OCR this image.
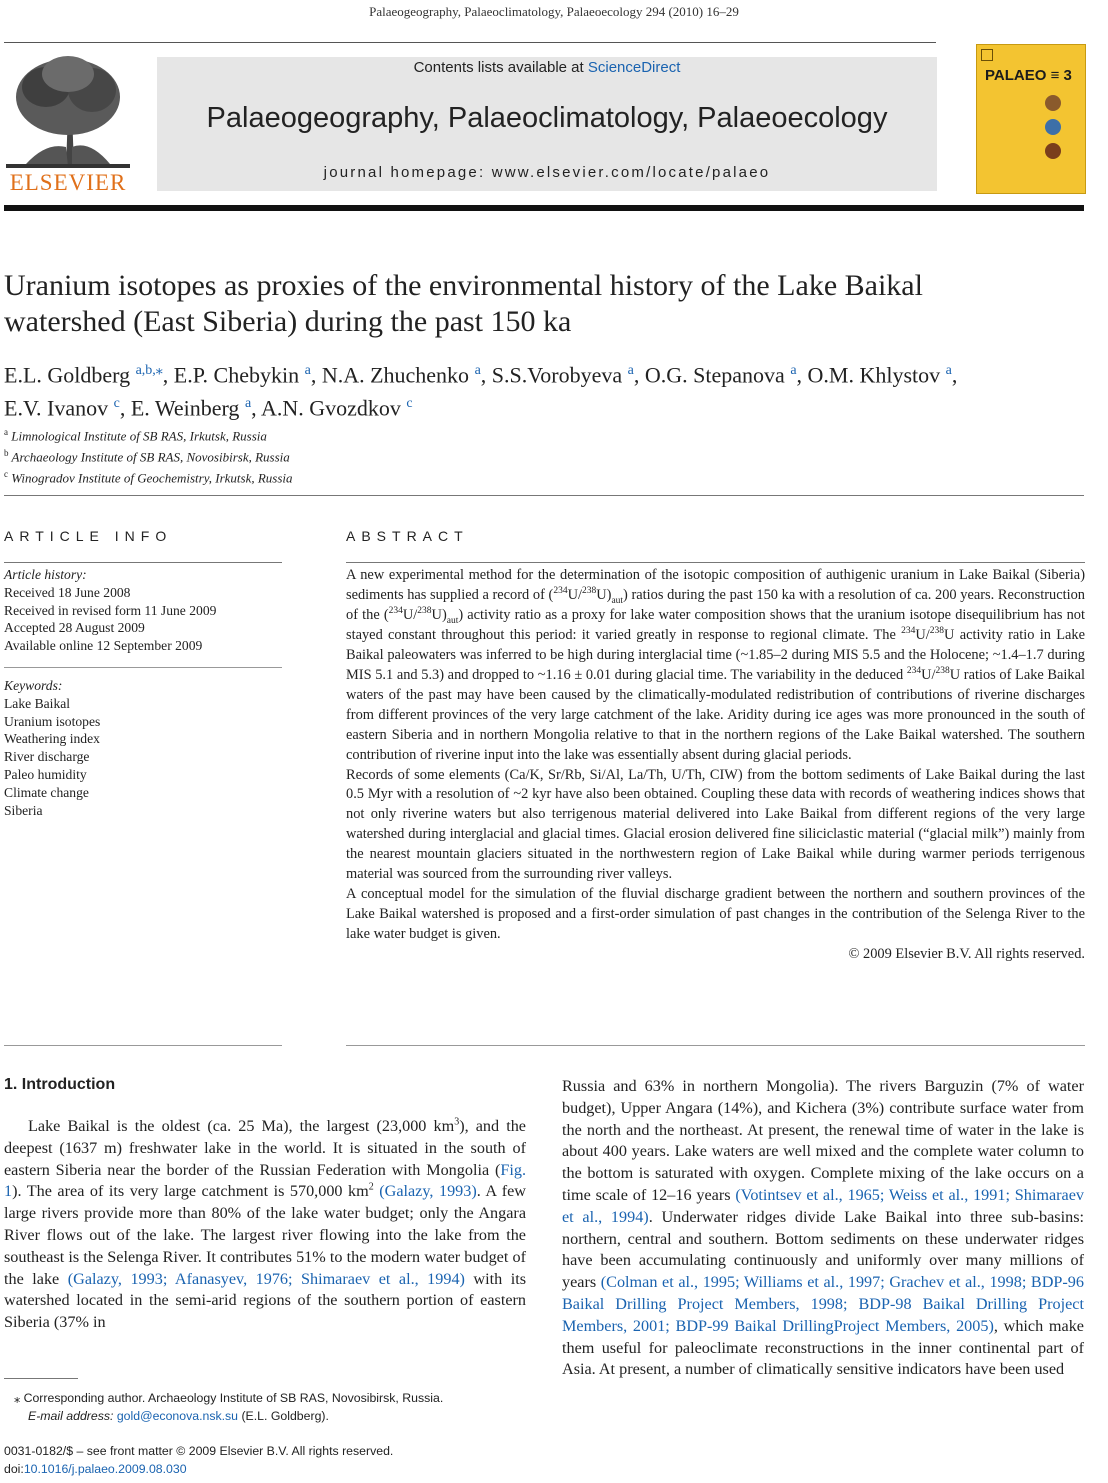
Palaeogeography, Palaeoclimatology, Palaeoecology 294 (2010) 16–29
ELSEVIER
Contents lists available at ScienceDirect
Palaeogeography, Palaeoclimatology, Palaeoecology
journal homepage: www.elsevier.com/locate/palaeo
PALAEO ≡ 3
Uranium isotopes as proxies of the environmental history of the Lake Baikal
watershed (East Siberia) during the past 150 ka
E.L. Goldberg $^{a,b,⁎}$, E.P. Chebykin $^a$, N.A. Zhuchenko $^a$, S.S.Vorobyeva $^a$, O.G. Stepanova $^a$, O.M. Khlystov $^a$,
E.V. Ivanov $^c$, E. Weinberg $^a$, A.N. Gvozdkov $^c$
$^a$ Limnological Institute of SB RAS, Irkutsk, Russia
$^b$ Archaeology Institute of SB RAS, Novosibirsk, Russia
$^c$ Winogradov Institute of Geochemistry, Irkutsk, Russia
ARTICLE INFO
Article history:
Received 18 June 2008
Received in revised form 11 June 2009
Accepted 28 August 2009
Available online 12 September 2009
Keywords:
Lake Baikal
Uranium isotopes
Weathering index
River discharge
Paleo humidity
Climate change
Siberia
ABSTRACT

A new experimental method for the determination of the isotopic composition of authigenic uranium in Lake Baikal (Siberia) sediments has supplied a record of $(^{234}U/^{238}U)_{aut}$) ratios during the past 150 ka with a resolution of ca. 200 years. Reconstruction of the $(^{234}U/^{238}U)_{aut}$) activity ratio as a proxy for lake water composition shows that the uranium isotope disequilibrium has not stayed constant throughout this period: it varied greatly in response to regional climate. The $^{234}$U/$^{238}$U activity ratio in Lake Baikal paleowaters was inferred to be high during interglacial time (~1.85–2 during MIS 5.5 and the Holocene; ~1.4–1.7 during MIS 5.1 and 5.3) and dropped to ~1.16 ± 0.01 during glacial time. The variability in the deduced $^{234}$U/$^{238}$U ratios of Lake Baikal waters of the past may have been caused by the climatically-modulated redistribution of contributions of riverine discharges from different provinces of the very large catchment of the lake. Aridity during ice ages was more pronounced in the south of eastern Siberia and in northern Mongolia relative to that in the northern regions of the Lake Baikal watershed. The southern contribution of riverine input into the lake was essentially absent during glacial periods.

Records of some elements (Ca/K, Sr/Rb, Si/Al, La/Th, U/Th, CIW) from the bottom sediments of Lake Baikal during the last 0.5 Myr with a resolution of ~2 kyr have also been obtained. Coupling these data with records of weathering indices shows that not only riverine waters but also terrigenous material delivered into Lake Baikal from different regions of the very large watershed during interglacial and glacial times. Glacial erosion delivered fine siliciclastic material (“glacial milk”) mainly from the nearest mountain glaciers situated in the northwestern region of Lake Baikal while during warmer periods terrigenous material was sourced from the surrounding river valleys.

A conceptual model for the simulation of the fluvial discharge gradient between the northern and southern provinces of the Lake Baikal watershed is proposed and a first-order simulation of past changes in the contribution of the Selenga River to the lake water budget is given.

© 2009 Elsevier B.V. All rights reserved.

1. Introduction

Lake Baikal is the oldest (ca. 25 Ma), the largest (23,000 $km^3$), and the deepest (1637 m) freshwater lake in the world. It is situated in the south of eastern Siberia near the border of the Russian Federation with Mongolia (Fig. 1). The area of its very large catchment is 570,000 $km^2$ (Galazy, 1993). A few large rivers provide more than 80% of the lake water budget; only the Angara River flows out of the lake. The largest river flowing into the lake from the southeast is the Selenga River. It contributes 51% to the modern water budget of the lake (Galazy, 1993; Afanasyev, 1976; Shimaraev et al., 1994) with its watershed located in the semi-arid regions of the southern portion of eastern Siberia (37% in

Russia and 63% in northern Mongolia). The rivers Barguzin (7% of water budget), Upper Angara (14%), and Kichera (3%) contribute surface water from the north and the northeast. At present, the renewal time of water in the lake is about 400 years. Lake waters are well mixed and the complete water column to the bottom is saturated with oxygen. Complete mixing of the lake occurs on a time scale of 12–16 years (Votintsev et al., 1965; Weiss et al., 1991; Shimaraev et al., 1994). Underwater ridges divide Lake Baikal into three sub-basins: northern, central and southern. Bottom sediments on these underwater ridges have been accumulating continuously and uniformly over many millions of years (Colman et al., 1995; Williams et al., 1997; Grachev et al., 1998; BDP-96 Baikal Drilling Project Members, 1998; BDP-98 Baikal Drilling Project Members, 2001; BDP-99 Baikal DrillingProject Members, 2005), which make them useful for paleoclimate reconstructions in the inner continental part of Asia. At present, a number of climatically sensitive indicators have been used

⁎ Corresponding author. Archaeology Institute of SB RAS, Novosibirsk, Russia.
E-mail address: gold@econova.nsk.su (E.L. Goldberg).
0031-0182/$ – see front matter © 2009 Elsevier B.V. All rights reserved.
doi:10.1016/j.palaeo.2009.08.030
